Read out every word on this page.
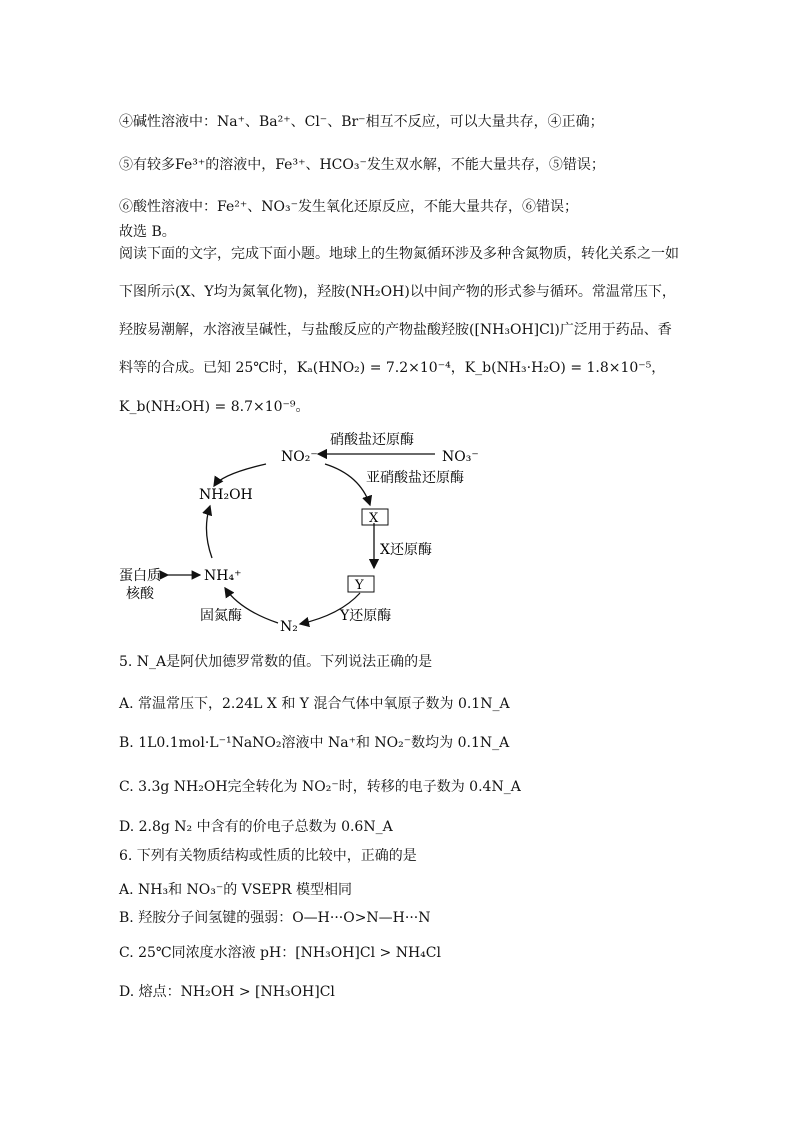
④碱性溶液中：Na⁺、Ba²⁺、Cl⁻、Br⁻相互不反应，可以大量共存，④正确；
⑤有较多Fe³⁺的溶液中，Fe³⁺、HCO₃⁻发生双水解，不能大量共存，⑤错误；
⑥酸性溶液中：Fe²⁺、NO₃⁻发生氧化还原反应，不能大量共存，⑥错误；
故选 B。
阅读下面的文字，完成下面小题。地球上的生物氮循环涉及多种含氮物质，转化关系之一如
下图所示(X、Y均为氮氧化物)，羟胺(NH₂OH)以中间产物的形式参与循环。常温常压下，
羟胺易潮解，水溶液呈碱性，与盐酸反应的产物盐酸羟胺([NH₃OH]Cl)广泛用于药品、香
料等的合成。已知 25℃时，Kₐ(HNO₂) = 7.2×10⁻⁴，K_b(NH₃·H₂O) = 1.8×10⁻⁵，
K_b(NH₂OH) = 8.7×10⁻⁹。
NO₂⁻	NO₃⁻
硝酸盐还原酶
亚硝酸盐还原酶
X
X还原酶
Y
Y还原酶
N₂
固氮酶
NH₄⁺
NH₂OH
蛋白质
核酸
5. N_A是阿伏加德罗常数的值。下列说法正确的是
A. 常温常压下，2.24L X 和 Y 混合气体中氧原子数为 0.1N_A
B. 1L0.1mol·L⁻¹NaNO₂溶液中 Na⁺和 NO₂⁻数均为 0.1N_A
C. 3.3g NH₂OH完全转化为 NO₂⁻时，转移的电子数为 0.4N_A
D. 2.8g N₂ 中含有的价电子总数为 0.6N_A
6. 下列有关物质结构或性质的比较中，正确的是
A. NH₃和 NO₃⁻的 VSEPR 模型相同
B. 羟胺分子间氢键的强弱：O—H···O>N—H···N
C. 25℃同浓度水溶液 pH：[NH₃OH]Cl > NH₄Cl
D. 熔点：NH₂OH > [NH₃OH]Cl
